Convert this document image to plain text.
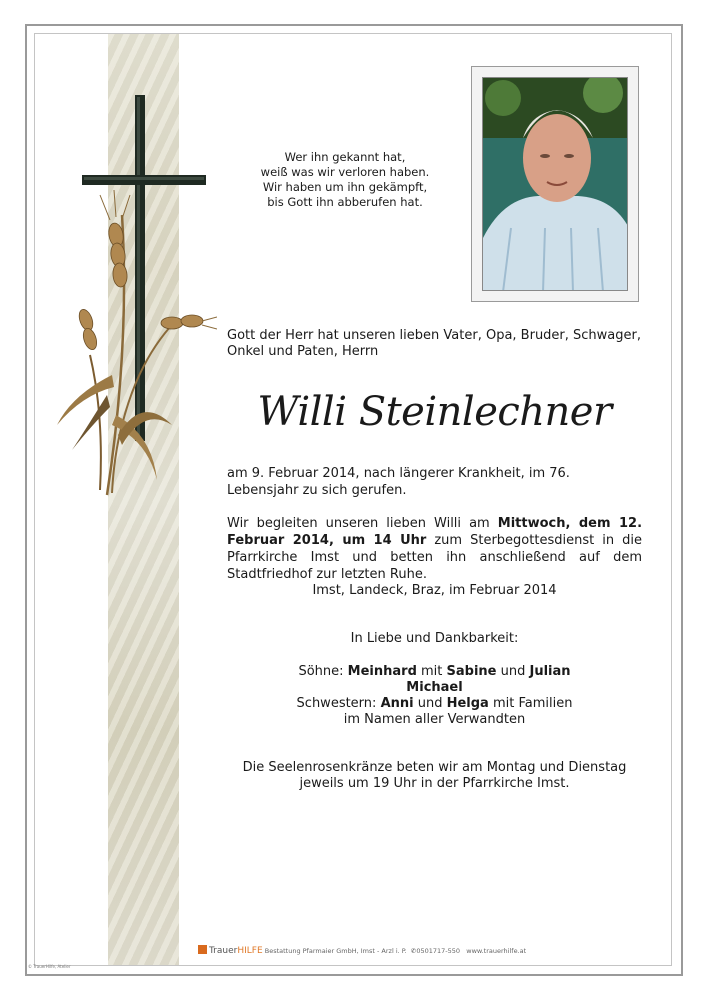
Wer ihn gekannt hat,
weiß was wir verloren haben.
Wir haben um ihn gekämpft,
bis Gott ihn abberufen hat.
Gott der Herr hat unseren lieben Vater, Opa, Bruder, Schwager, Onkel und Paten, Herrn
Willi Steinlechner
am 9. Februar 2014, nach längerer Krankheit, im 76. Lebensjahr zu sich gerufen.
Wir begleiten unseren lieben Willi am Mittwoch, dem 12. Februar 2014, um 14 Uhr zum Sterbegottesdienst in die Pfarrkirche Imst und betten ihn anschließend auf dem Stadtfriedhof zur letzten Ruhe.
Imst, Landeck, Braz, im Februar 2014
In Liebe und Dankbarkeit:
Söhne: Meinhard mit Sabine und Julian
Michael
Schwestern: Anni und Helga mit Familien
im Namen aller Verwandten
Die Seelenrosenkränze beten wir am Montag und Dienstag
jeweils um 19 Uhr in der Pfarrkirche Imst.
TrauerHILFE Bestattung Pfarmaier GmbH, Imst - Arzl i. P. ✆0501717-550 www.trauerhilfe.at
© TrauerHilfe, Atelier
